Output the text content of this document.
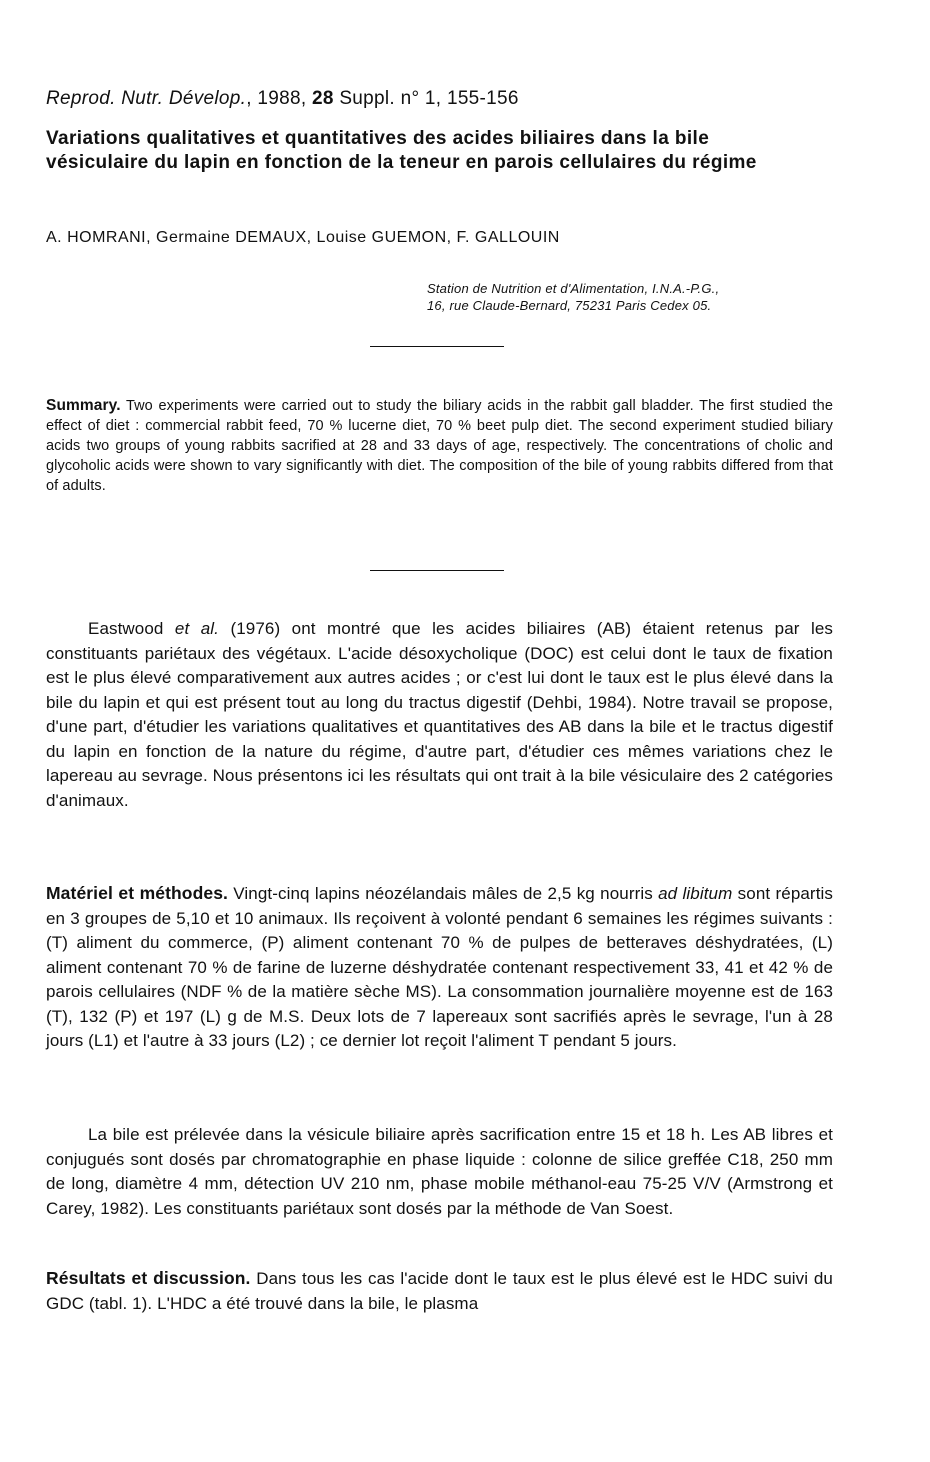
Reprod. Nutr. Dévelop., 1988, 28 Suppl. n° 1, 155-156
Variations qualitatives et quantitatives des acides biliaires dans la bile vésiculaire du lapin en fonction de la teneur en parois cellulaires du régime
A. HOMRANI, Germaine DEMAUX, Louise GUEMON, F. GALLOUIN
Station de Nutrition et d'Alimentation, I.N.A.-P.G.,
16, rue Claude-Bernard, 75231 Paris Cedex 05.

Summary. Two experiments were carried out to study the biliary acids in the rabbit gall bladder. The first studied the effect of diet : commercial rabbit feed, 70 % lucerne diet, 70 % beet pulp diet. The second experiment studied biliary acids two groups of young rabbits sacrified at 28 and 33 days of age, respectively. The concentrations of cholic and glycoholic acids were shown to vary significantly with diet. The composition of the bile of young rabbits differed from that of adults.

Eastwood et al. (1976) ont montré que les acides biliaires (AB) étaient retenus par les constituants pariétaux des végétaux. L'acide désoxycholique (DOC) est celui dont le taux de fixation est le plus élevé comparativement aux autres acides ; or c'est lui dont le taux est le plus élevé dans la bile du lapin et qui est présent tout au long du tractus digestif (Dehbi, 1984). Notre travail se propose, d'une part, d'étudier les variations qualitatives et quantitatives des AB dans la bile et le tractus digestif du lapin en fonction de la nature du régime, d'autre part, d'étudier ces mêmes variations chez le lapereau au sevrage. Nous présentons ici les résultats qui ont trait à la bile vésiculaire des 2 catégories d'animaux.

Matériel et méthodes. Vingt-cinq lapins néozélandais mâles de 2,5 kg nourris ad libitum sont répartis en 3 groupes de 5,10 et 10 animaux. Ils reçoivent à volonté pendant 6 semaines les régimes suivants : (T) aliment du commerce, (P) aliment contenant 70 % de pulpes de betteraves déshydratées, (L) aliment contenant 70 % de farine de luzerne déshydratée contenant respectivement 33, 41 et 42 % de parois cellulaires (NDF % de la matière sèche MS). La consommation journalière moyenne est de 163 (T), 132 (P) et 197 (L) g de M.S. Deux lots de 7 lapereaux sont sacrifiés après le sevrage, l'un à 28 jours (L1) et l'autre à 33 jours (L2) ; ce dernier lot reçoit l'aliment T pendant 5 jours.

La bile est prélevée dans la vésicule biliaire après sacrification entre 15 et 18 h. Les AB libres et conjugués sont dosés par chromatographie en phase liquide : colonne de silice greffée C18, 250 mm de long, diamètre 4 mm, détection UV 210 nm, phase mobile méthanol-eau 75-25 V/V (Armstrong et Carey, 1982). Les constituants pariétaux sont dosés par la méthode de Van Soest.

Résultats et discussion. Dans tous les cas l'acide dont le taux est le plus élevé est le HDC suivi du GDC (tabl. 1). L'HDC a été trouvé dans la bile, le plasma
